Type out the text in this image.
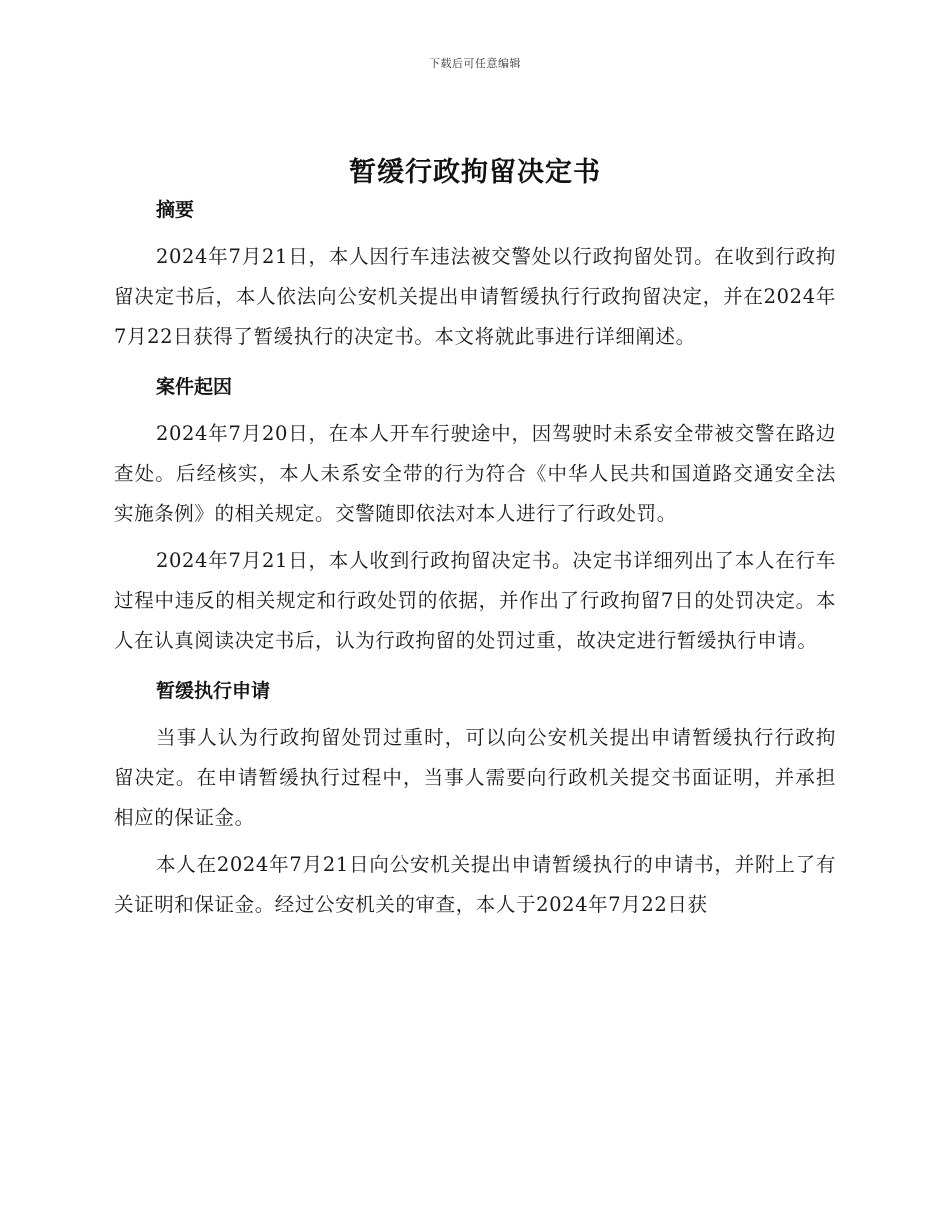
下载后可任意编辑
暂缓行政拘留决定书

摘要

2024年7月21日，本人因行车违法被交警处以行政拘留处罚。在收到行政拘留决定书后，本人依法向公安机关提出申请暂缓执行行政拘留决定，并在2024年7月22日获得了暂缓执行的决定书。本文将就此事进行详细阐述。

案件起因

2024年7月20日，在本人开车行驶途中，因驾驶时未系安全带被交警在路边查处。后经核实，本人未系安全带的行为符合《中华人民共和国道路交通安全法实施条例》的相关规定。交警随即依法对本人进行了行政处罚。

2024年7月21日，本人收到行政拘留决定书。决定书详细列出了本人在行车过程中违反的相关规定和行政处罚的依据，并作出了行政拘留7日的处罚决定。本人在认真阅读决定书后，认为行政拘留的处罚过重，故决定进行暂缓执行申请。

暂缓执行申请

当事人认为行政拘留处罚过重时，可以向公安机关提出申请暂缓执行行政拘留决定。在申请暂缓执行过程中，当事人需要向行政机关提交书面证明，并承担相应的保证金。

本人在2024年7月21日向公安机关提出申请暂缓执行的申请书，并附上了有关证明和保证金。经过公安机关的审查，本人于2024年7月22日获
